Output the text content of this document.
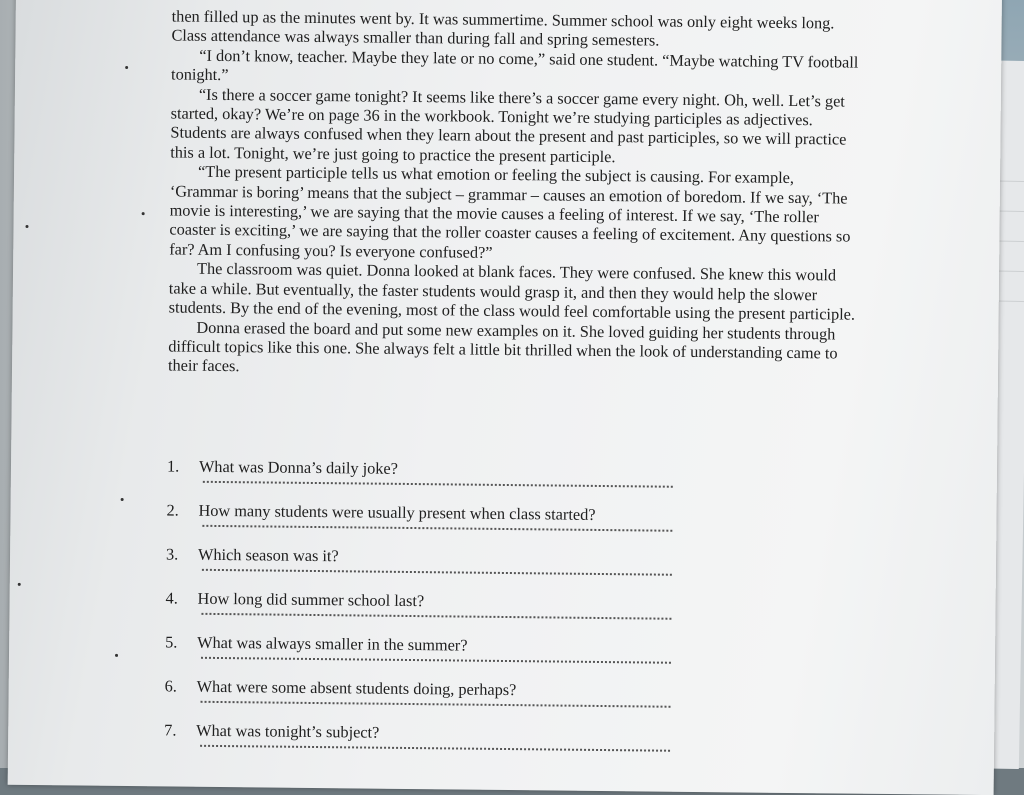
then filled up as the minutes went by. It was summertime. Summer school was only eight weeks long. Class attendance was always smaller than during fall and spring semesters.

“I don’t know, teacher. Maybe they late or no come,” said one student. “Maybe watching TV football tonight.”

“Is there a soccer game tonight? It seems like there’s a soccer game every night. Oh, well. Let’s get started, okay? We’re on page 36 in the workbook. Tonight we’re studying participles as adjectives. Students are always confused when they learn about the present and past participles, so we will practice this a lot. Tonight, we’re just going to practice the present participle.

“The present participle tells us what emotion or feeling the subject is causing. For example, ‘Grammar is boring’ means that the subject – grammar – causes an emotion of boredom. If we say, ‘The movie is interesting,’ we are saying that the movie causes a feeling of interest. If we say, ‘The roller coaster is exciting,’ we are saying that the roller coaster causes a feeling of excitement. Any questions so far? Am I confusing you? Is everyone confused?”

The classroom was quiet. Donna looked at blank faces. They were confused. She knew this would take a while. But eventually, the faster students would grasp it, and then they would help the slower students. By the end of the evening, most of the class would feel comfortable using the present participle.

Donna erased the board and put some new examples on it. She loved guiding her students through difficult topics like this one. She always felt a little bit thrilled when the look of understanding came to their faces.

1.	What was Donna’s daily joke?
2.	How many students were usually present when class started?
3.	Which season was it?
4.	How long did summer school last?
5.	What was always smaller in the summer?
6.	What were some absent students doing, perhaps?
7.	What was tonight’s subject?
